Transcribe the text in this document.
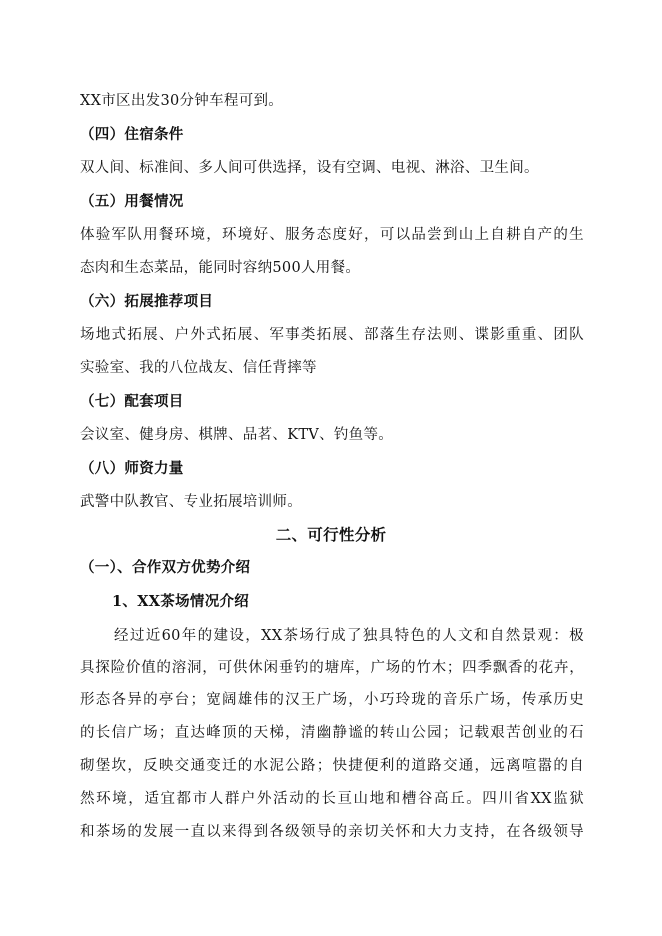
XX市区出发30分钟车程可到。
（四）住宿条件
双人间、标准间、多人间可供选择，设有空调、电视、淋浴、卫生间。
（五）用餐情况
体验军队用餐环境，环境好、服务态度好，可以品尝到山上自耕自产的生
态肉和生态菜品，能同时容纳500人用餐。
（六）拓展推荐项目
场地式拓展、户外式拓展、军事类拓展、部落生存法则、谍影重重、团队
实验室、我的八位战友、信任背摔等
（七）配套项目
会议室、健身房、棋牌、品茗、KTV、钓鱼等。
（八）师资力量
武警中队教官、专业拓展培训师。
二、可行性分析
（一）、合作双方优势介绍
1、XX茶场情况介绍
经过近60年的建设，XX茶场行成了独具特色的人文和自然景观：极
具探险价值的溶洞，可供休闲垂钓的塘库，广场的竹木；四季飘香的花卉，
形态各异的亭台；宽阔雄伟的汉王广场，小巧玲珑的音乐广场，传承历史
的长信广场；直达峰顶的天梯，清幽静谧的转山公园；记载艰苦创业的石
砌堡坎，反映交通变迁的水泥公路；快捷便利的道路交通，远离喧嚣的自
然环境，适宜都市人群户外活动的长亘山地和槽谷高丘。四川省XX监狱
和茶场的发展一直以来得到各级领导的亲切关怀和大力支持，在各级领导
